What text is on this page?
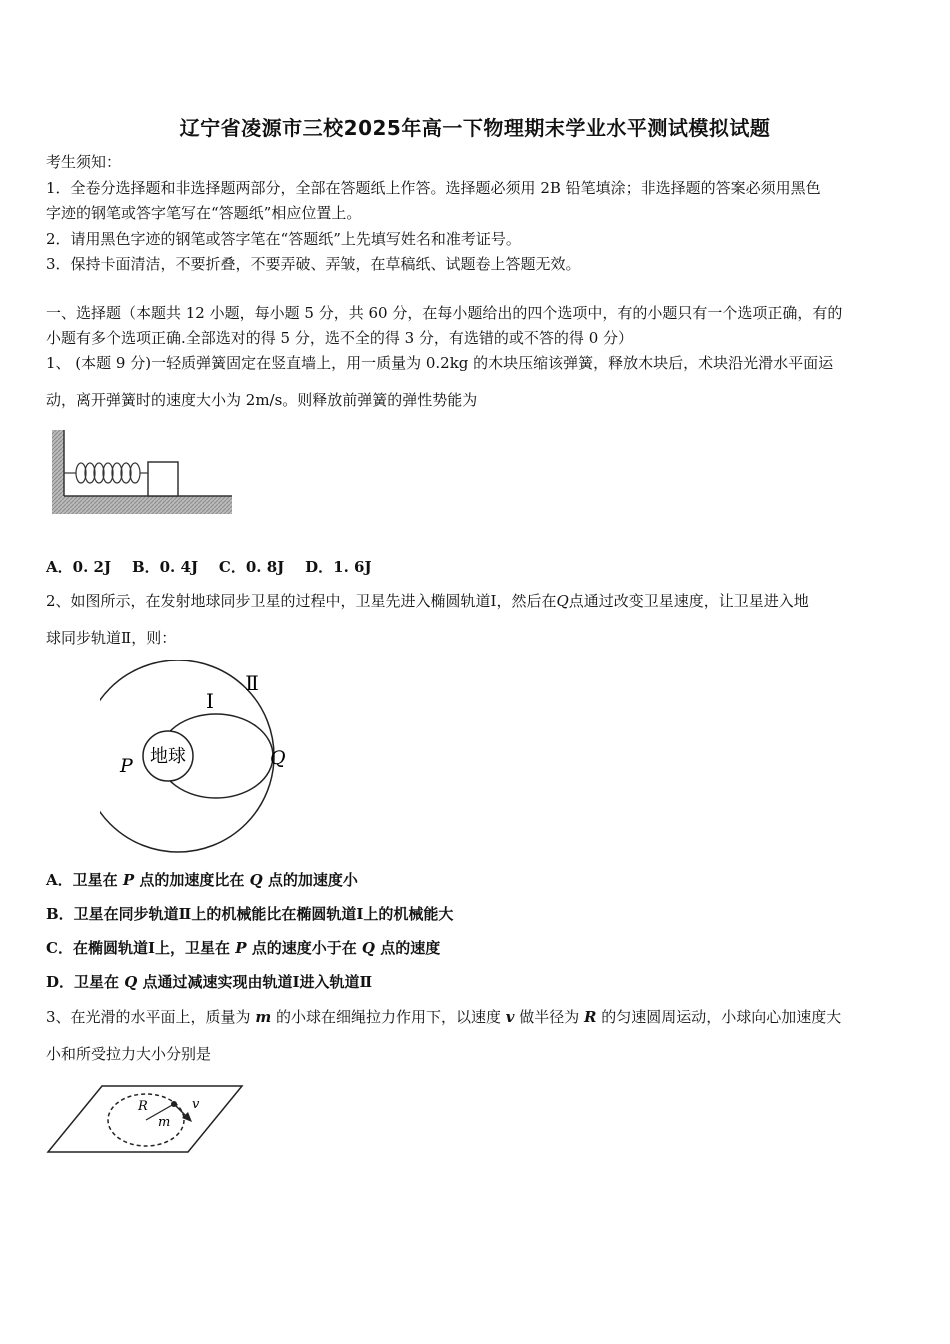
辽宁省凌源市三校2025年高一下物理期末学业水平测试模拟试题
考生须知：
1．全卷分选择题和非选择题两部分，全部在答题纸上作答。选择题必须用 2B 铅笔填涂；非选择题的答案必须用黑色
字迹的钢笔或答字笔写在“答题纸”相应位置上。
2．请用黑色字迹的钢笔或答字笔在“答题纸”上先填写姓名和准考证号。
3．保持卡面清洁，不要折叠，不要弄破、弄皱，在草稿纸、试题卷上答题无效。
一、选择题（本题共 12 小题，每小题 5 分，共 60 分，在每小题给出的四个选项中，有的小题只有一个选项正确，有的
小题有多个选项正确.全部选对的得 5 分，选不全的得 3 分，有选错的或不答的得 0 分）
1、 (本题 9 分)一轻质弹簧固定在竖直墙上，用一质量为 0.2kg 的木块压缩该弹簧，释放木块后，术块沿光滑水平面运
动，离开弹簧时的速度大小为 2m/s。则释放前弹簧的弹性势能为
A．0. 2J    B．0. 4J    C．0. 8J    D．1. 6J
2、如图所示，在发射地球同步卫星的过程中，卫星先进入椭圆轨道Ⅰ，然后在Q点通过改变卫星速度，让卫星进入地
球同步轨道Ⅱ，则：
地球
Ⅰ
Ⅱ
P	Q
A．卫星在 P 点的加速度比在 Q 点的加速度小
B．卫星在同步轨道Ⅱ上的机械能比在椭圆轨道Ⅰ上的机械能大
C．在椭圆轨道Ⅰ上，卫星在 P 点的速度小于在 Q 点的速度
D．卫星在 Q 点通过减速实现由轨道Ⅰ进入轨道Ⅱ
3、在光滑的水平面上，质量为 m 的小球在细绳拉力作用下，以速度 v 做半径为 R 的匀速圆周运动，小球向心加速度大
小和所受拉力大小分别是
R
m
v
